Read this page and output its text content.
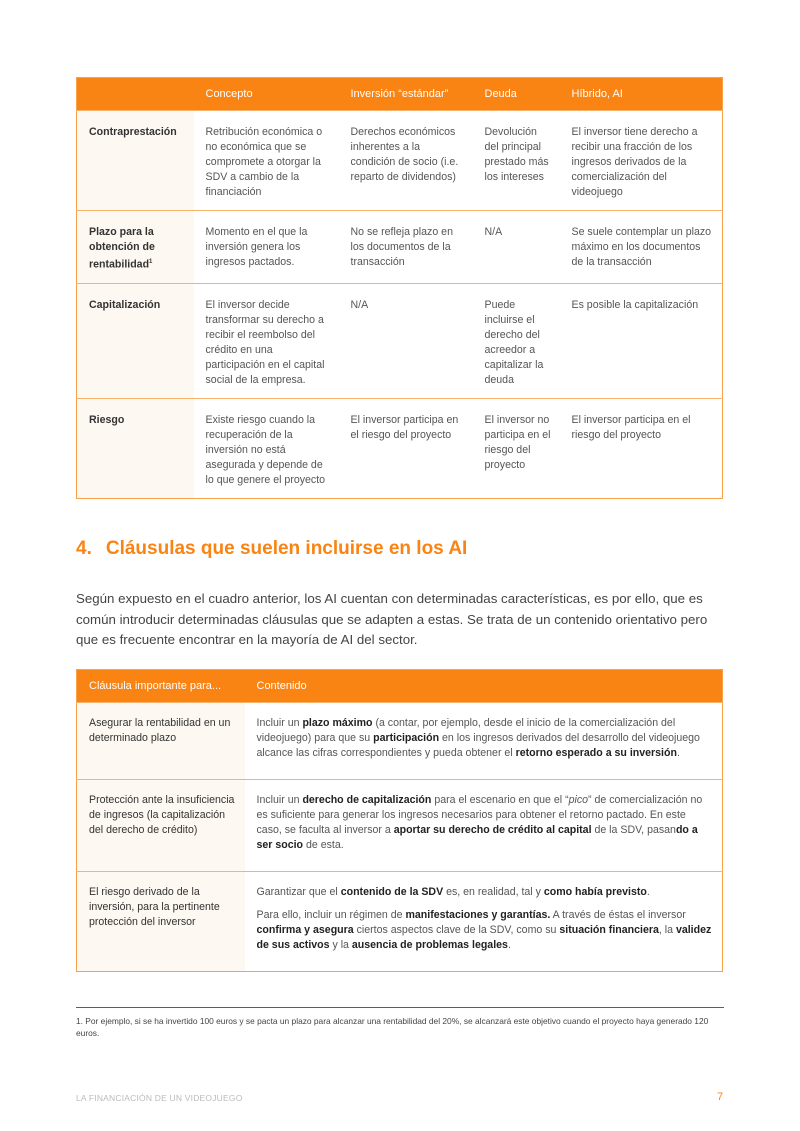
	Concepto	Inversión “estándar”	Deuda	Híbrido, AI
Contraprestación	Retribución económica o no económica que se compromete a otorgar la SDV a cambio de la financiación	Derechos económicos inherentes a la condición de socio (i.e. reparto de dividendos)	Devolución del principal prestado más los intereses	El inversor tiene derecho a recibir una fracción de los ingresos derivados de la comercialización del videojuego
Plazo para la obtención de rentabilidad$^1$	Momento en el que la inversión genera los ingresos pactados.	No se refleja plazo en los documentos de la transacción	N/A	Se suele contemplar un plazo máximo en los documentos de la transacción
Capitalización	El inversor decide transformar su derecho a recibir el reembolso del crédito en una participación en el capital social de la empresa.	N/A	Puede incluirse el derecho del acreedor a capitalizar la deuda	Es posible la capitalización
Riesgo	Existe riesgo cuando la recuperación de la inversión no está asegurada y depende de lo que genere el proyecto	El inversor participa en el riesgo del proyecto	El inversor no participa en el riesgo del proyecto	El inversor participa en el riesgo del proyecto
4. Cláusulas que suelen incluirse en los AI

Según expuesto en el cuadro anterior, los AI cuentan con determinadas características, es por ello, que es común introducir determinadas cláusulas que se adapten a estas. Se trata de un contenido orientativo pero que es frecuente encontrar en la mayoría de AI del sector.

Cláusula importante para...	Contenido
Asegurar la rentabilidad en un determinado plazo	Incluir un plazo máximo (a contar, por ejemplo, desde el inicio de la comercialización del videojuego) para que su participación en los ingresos derivados del desarrollo del videojuego alcance las cifras correspondientes y pueda obtener el retorno esperado a su inversión.

Protección ante la insuficiencia de ingresos (la capitalización del derecho de crédito)	Incluir un derecho de capitalización para el escenario en que el “pico” de comercialización no es suficiente para generar los ingresos necesarios para obtener el retorno pactado. En este caso, se faculta al inversor a aportar su derecho de crédito al capital de la SDV, pasando a ser socio de esta.

El riesgo derivado de la inversión, para la pertinente protección del inversor	Garantizar que el contenido de la SDV es, en realidad, tal y como había previsto.

Para ello, incluir un régimen de manifestaciones y garantías. A través de éstas el inversor confirma y asegura ciertos aspectos clave de la SDV, como su situación financiera, la validez de sus activos y la ausencia de problemas legales.

1. Por ejemplo, si se ha invertido 100 euros y se pacta un plazo para alcanzar una rentabilidad del 20%, se alcanzará este objetivo cuando el proyecto haya generado 120 euros.

LA FINANCIACIÓN DE UN VIDEOJUEGO	7
